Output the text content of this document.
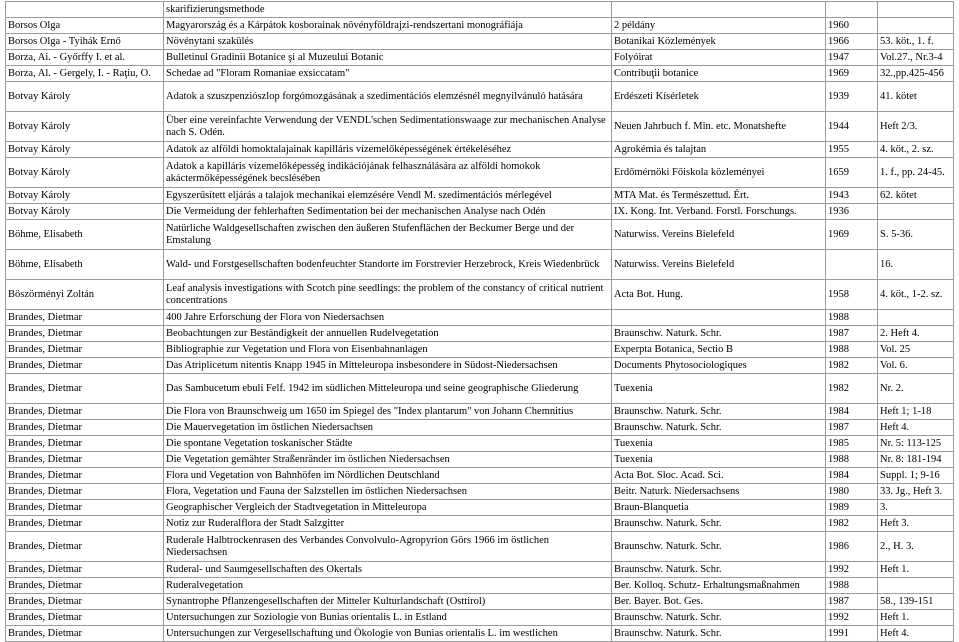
	skarifizierungsmethode			
Borsos Olga	Magyarország és a Kárpátok kosborainak növényföldrajzi-rendszertani monográfiája	2 példány	1960	
Borsos Olga - Tyihák Ernő	Növénytani szakülés	Botanikai Közlemények	1966	53. köt., 1. f.
Borza, Ai. - Győrffy I. et al.	Bulletinul Gradinii Botanice şi al Muzeului Botanic	Folyóirat	1947	Vol.27., Nr.3-4
Borza, Al. - Gergely, I. - Raţiu, O.	Schedae ad "Floram Romaniae exsiccatam"	Contribuţii botanice	1969	32.,pp.425-456
Botvay Károly	Adatok a szuszpenziószlop forgómozgásának a szedimentációs elemzésnél megnyilvánuló hatására	Erdészeti Kísérletek	1939	41. kötet
Botvay Károly	Über eine vereinfachte Verwendung der VENDL'schen Sedimentationswaage zur mechanischen Analyse nach S. Odén.	Neuen Jahrbuch f. Min. etc. Monatshefte	1944	Heft 2/3.
Botvay Károly	Adatok az alföldi homoktalajainak kapilláris vízemelőképességének értékeléséhez	Agrokémia és talajtan	1955	4. köt., 2. sz.
Botvay Károly	Adatok a kapilláris vízemelőképesség indikációjának felhasználására az alföldi homokok akáctermőképességének becslésében	Erdőmérnöki Főiskola közleményei	1659	1. f., pp. 24-45.
Botvay Károly	Egyszerűsített eljárás a talajok mechanikai elemzésére Vendl M. szedimentációs mérlegével	MTA Mat. és Természettud. Ért.	1943	62. kötet
Botvay Károly	Die Vermeidung der fehlerhaften Sedimentation bei der mechanischen Analyse nach Odén	IX. Kong. Int. Verband. Forstl. Forschungs.	1936	
Böhme, Elisabeth	Natürliche Waldgesellschaften zwischen den äußeren Stufenflächen der Beckumer Berge und der Emstalung	Naturwiss. Vereins Bielefeld	1969	S. 5-36.
Böhme, Elisabeth	Wald- und Forstgesellschaften bodenfeuchter Standorte im Forstrevier Herzebrock, Kreis Wiedenbrück	Naturwiss. Vereins Bielefeld		16.
Böszörményi Zoltán	Leaf analysis investigations with Scotch pine seedlings: the problem of the constancy of critical nutrient concentrations	Acta Bot. Hung.	1958	4. köt., 1-2. sz.
Brandes, Dietmar	400 Jahre Erforschung der Flora von Niedersachsen		1988	
Brandes, Dietmar	Beobachtungen zur Beständigkeit der annuellen Rudelvegetation	Braunschw. Naturk. Schr.	1987	2. Heft 4.
Brandes, Dietmar	Bibliographie zur Vegetation und Flora von Eisenbahnanlagen	Experpta Botanica, Sectio B	1988	Vol. 25
Brandes, Dietmar	Das Atriplicetum nitentis Knapp 1945 in Mitteleuropa insbesondere in Südost-Niedersachsen	Documents Phytosociologiques	1982	Vol. 6.
Brandes, Dietmar	Das Sambucetum ebuli Felf. 1942 im südlichen Mitteleuropa und seine geographische Gliederung	Tuexenia	1982	Nr. 2.
Brandes, Dietmar	Die Flora von Braunschweig um 1650 im Spiegel des "Index plantarum" von Johann Chemnitius	Braunschw. Naturk. Schr.	1984	Heft 1; 1-18
Brandes, Dietmar	Die Mauervegetation im östlichen Niedersachsen	Braunschw. Naturk. Schr.	1987	Heft 4.
Brandes, Dietmar	Die spontane Vegetation toskanischer Städte	Tuexenia	1985	Nr. 5: 113-125
Brandes, Dietmar	Die Vegetation gemähter Straßenränder im östlichen Niedersachsen	Tuexenia	1988	Nr. 8: 181-194
Brandes, Dietmar	Flora und Vegetation von Bahnhöfen im Nördlichen Deutschland	Acta Bot. Sloc. Acad. Sci.	1984	Suppl. 1; 9-16
Brandes, Dietmar	Flora, Vegetation und Fauna der Salzstellen im östlichen Niedersachsen	Beitr. Naturk. Niedersachsens	1980	33. Jg., Heft 3.
Brandes, Dietmar	Geographischer Vergleich der Stadtvegetation in Mitteleuropa	Braun-Blanquetia	1989	3.
Brandes, Dietmar	Notiz zur Ruderalflora der Stadt Salzgitter	Braunschw. Naturk. Schr.	1982	Heft 3.
Brandes, Dietmar	Ruderale Halbtrockenrasen des Verbandes Convolvulo-Agropyrion Görs 1966 im östlichen Niedersachsen	Braunschw. Naturk. Schr.	1986	2., H. 3.
Brandes, Dietmar	Ruderal- und Saumgesellschaften des Okertals	Braunschw. Naturk. Schr.	1992	Heft 1.
Brandes, Dietmar	Ruderalvegetation	Ber. Kolloq. Schutz- Erhaltungsmaßnahmen	1988	
Brandes, Dietmar	Synantrophe Pflanzengesellschaften der Mitteler Kulturlandschaft (Osttirol)	Ber. Bayer. Bot. Ges.	1987	58., 139-151
Brandes, Dietmar	Untersuchungen zur Soziologie von Bunias orientalis L. in Estland	Braunschw. Naturk. Schr.	1992	Heft 1.
Brandes, Dietmar	Untersuchungen zur Vergesellschaftung und Ökologie von Bunias orientalis L. im westlichen	Braunschw. Naturk. Schr.	1991	Heft 4.
